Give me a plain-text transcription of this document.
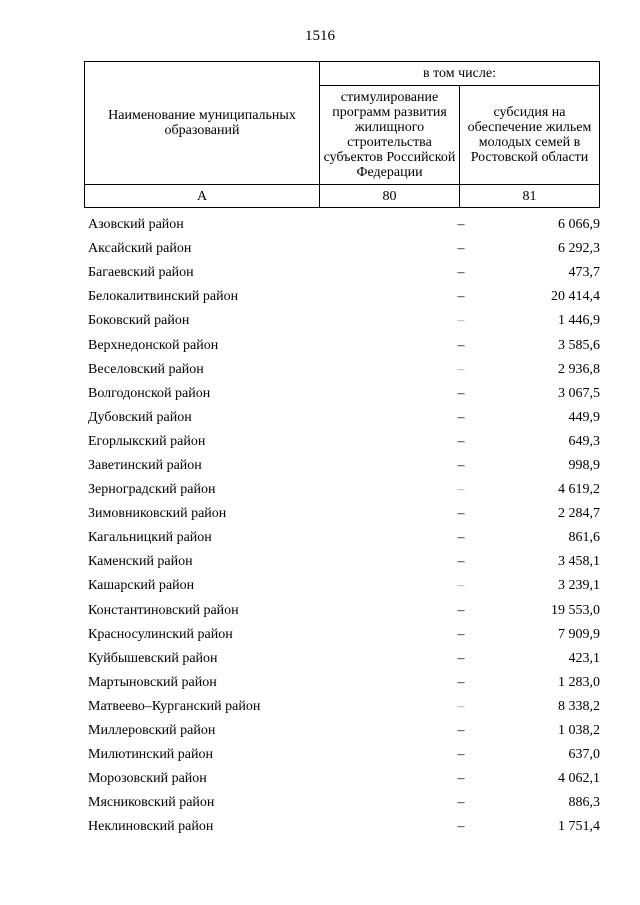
1516
Наименование муниципальных образований	в том числе:	
	стимулирование программ развития жилищного строительства субъектов Российской Федерации	субсидия на обеспечение жильем молодых семей в Ростовской области
А	80	81
Азовский район	–	6 066,9
Аксайский район	–	6 292,3
Багаевский район	–	473,7
Белокалитвинский район	–	20 414,4
Боковский район	–	1 446,9
Верхнедонской район	–	3 585,6
Веселовский район	–	2 936,8
Волгодонской район	–	3 067,5
Дубовский район	–	449,9
Егорлыкский район	–	649,3
Заветинский район	–	998,9
Зерноградский район	–	4 619,2
Зимовниковский район	–	2 284,7
Кагальницкий район	–	861,6
Каменский район	–	3 458,1
Кашарский район	–	3 239,1
Константиновский район	–	19 553,0
Красносулинский район	–	7 909,9
Куйбышевский район	–	423,1
Мартыновский район	–	1 283,0
Матвеево–Курганский район	–	8 338,2
Миллеровский район	–	1 038,2
Милютинский район	–	637,0
Морозовский район	–	4 062,1
Мясниковский район	–	886,3
Неклиновский район	–	1 751,4
